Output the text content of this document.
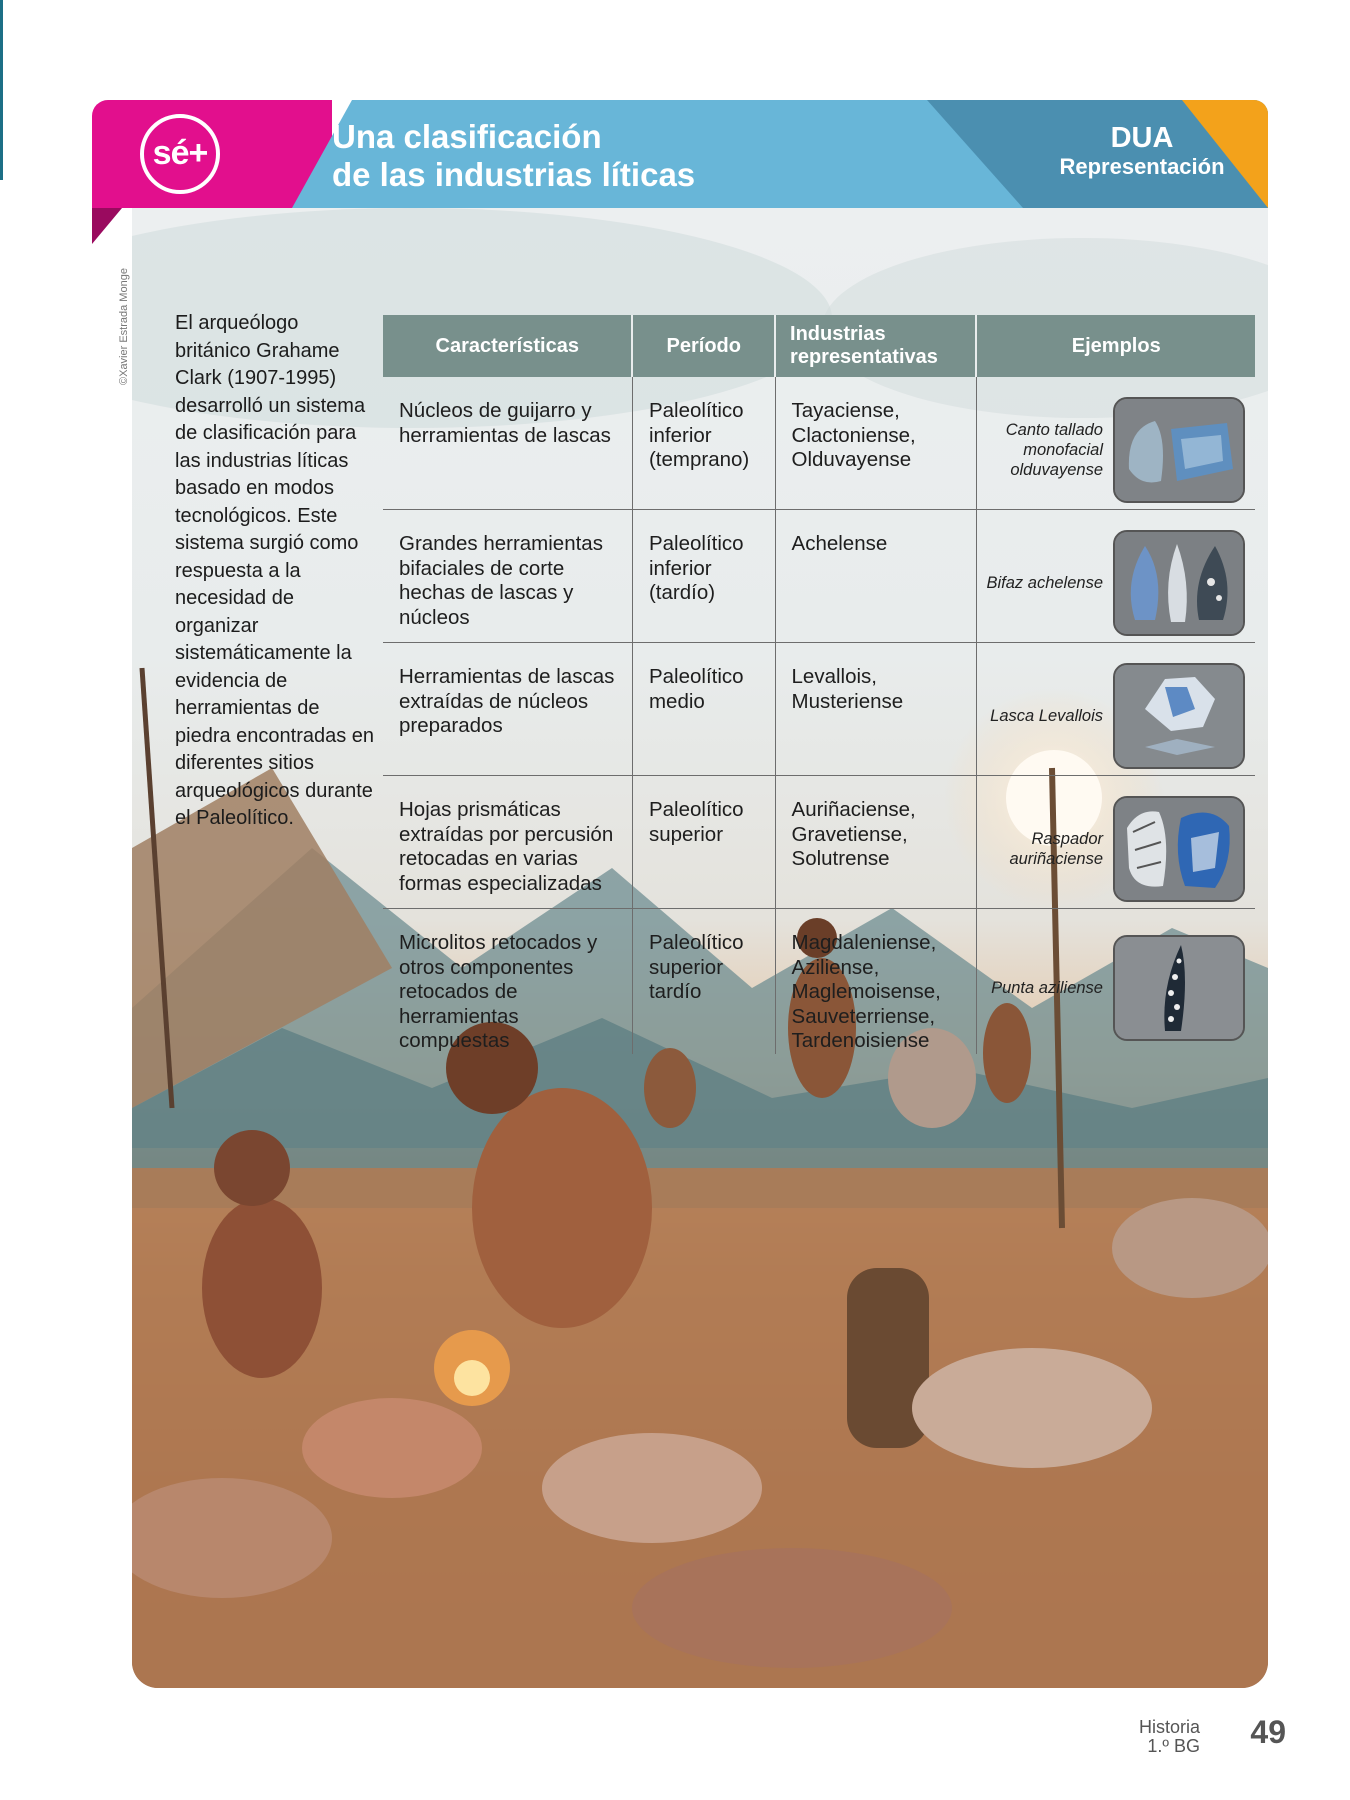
sé+	Una clasificación
de las industrias líticas
DUA
Representación
©Xavier Estrada Monge El arqueólogo británico Grahame Clark (1907-1995) desarrolló un sistema de clasificación para las industrias líticas basado en modos tecnológicos. Este sistema surgió como respuesta a la necesidad de organizar sistemáticamente la evidencia de herramientas de piedra encontradas en diferentes sitios arqueológicos durante el Paleolítico.
Características	Período	Industrias representativas	Ejemplos
Núcleos de guijarro y herramientas de lascas	Paleolítico inferior (temprano)	Tayaciense, Clactoniense, Olduvayense	Canto tallado monofacial olduvayense

Grandes herramientas bifaciales de corte hechas de lascas y núcleos	Paleolítico inferior (tardío)	Achelense	Bifaz achelense

Herramientas de lascas extraídas de núcleos preparados	Paleolítico medio	Levallois, Musteriense	Lasca Levallois

Hojas prismáticas extraídas por percusión retocadas en varias formas especializadas	Paleolítico superior	Auriñaciense, Gravetiense, Solutrense	Raspador auriñaciense

Microlitos retocados y otros componentes retocados de herramientas compuestas	Paleolítico superior tardío	Magdaleniense, Aziliense, Maglemoisense, Sauveterriense, Tardenoisiense	Punta aziliense
Historia
1.º BG 49
